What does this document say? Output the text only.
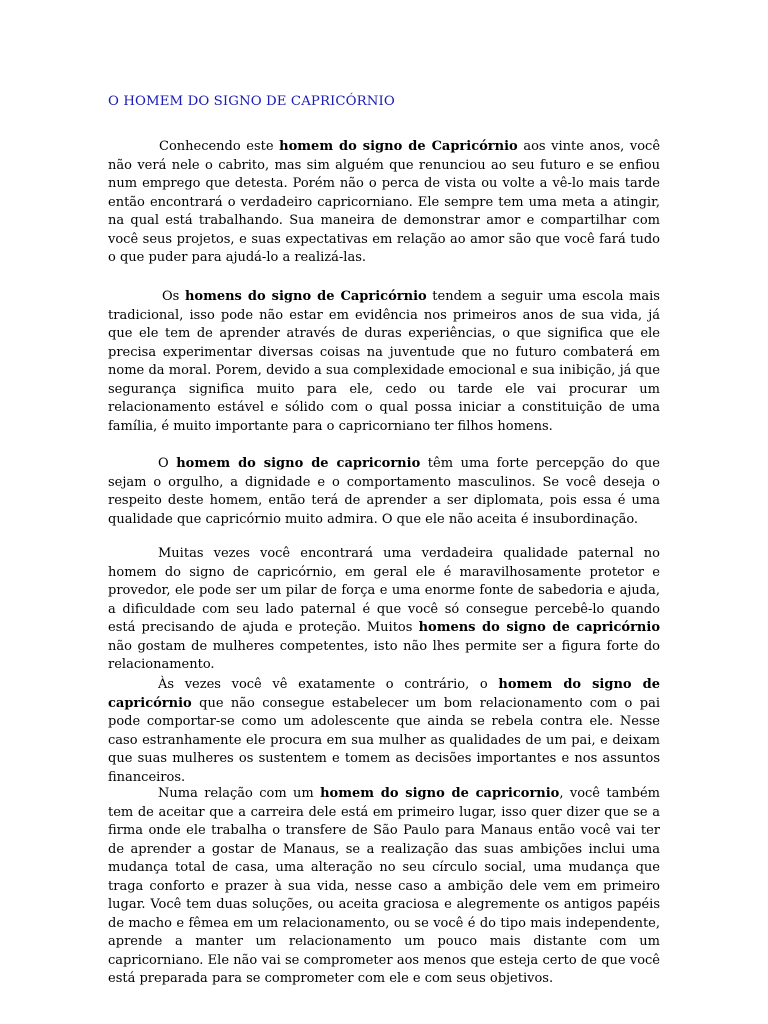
O HOMEM DO SIGNO DE CAPRICÓRNIO

Conhecendo este homem do signo de Capricórnio aos vinte anos, você não verá nele o cabrito, mas sim alguém que renunciou ao seu futuro e se enfiou num emprego que detesta. Porém não o perca de vista ou volte a vê-lo mais tarde então encontrará o verdadeiro capricorniano. Ele sempre tem uma meta a atingir, na qual está trabalhando. Sua maneira de demonstrar amor e compartilhar com você seus projetos, e suas expectativas em relação ao amor são que você fará tudo o que puder para ajudá-lo a realizá-las.

Os homens do signo de Capricórnio tendem a seguir uma escola mais tradicional, isso pode não estar em evidência nos primeiros anos de sua vida, já que ele tem de aprender através de duras experiências, o que significa que ele precisa experimentar diversas coisas na juventude que no futuro combaterá em nome da moral. Porem, devido a sua complexidade emocional e sua inibição, já que segurança significa muito para ele, cedo ou tarde ele vai procurar um relacionamento estável e sólido com o qual possa iniciar a constituição de uma família, é muito importante para o capricorniano ter filhos homens.

O homem do signo de capricornio têm uma forte percepção do que sejam o orgulho, a dignidade e o comportamento masculinos. Se você deseja o respeito deste homem, então terá de aprender a ser diplomata, pois essa é uma qualidade que capricórnio muito admira. O que ele não aceita é insubordinação.

Muitas vezes você encontrará uma verdadeira qualidade paternal no homem do signo de capricórnio, em geral ele é maravilhosamente protetor e provedor, ele pode ser um pilar de força e uma enorme fonte de sabedoria e ajuda, a dificuldade com seu lado paternal é que você só consegue percebê-lo quando está precisando de ajuda e proteção. Muitos homens do signo de capricórnio não gostam de mulheres competentes, isto não lhes permite ser a figura forte do relacionamento.

Às vezes você vê exatamente o contrário, o homem do signo de capricórnio que não consegue estabelecer um bom relacionamento com o pai pode comportar-se como um adolescente que ainda se rebela contra ele. Nesse caso estranhamente ele procura em sua mulher as qualidades de um pai, e deixam que suas mulheres os sustentem e tomem as decisões importantes e nos assuntos financeiros.

Numa relação com um homem do signo de capricornio, você também tem de aceitar que a carreira dele está em primeiro lugar, isso quer dizer que se a firma onde ele trabalha o transfere de São Paulo para Manaus então você vai ter de aprender a gostar de Manaus, se a realização das suas ambições inclui uma mudança total de casa, uma alteração no seu círculo social, uma mudança que traga conforto e prazer à sua vida, nesse caso a ambição dele vem em primeiro lugar. Você tem duas soluções, ou aceita graciosa e alegremente os antigos papéis de macho e fêmea em um relacionamento, ou se você é do tipo mais independente, aprende a manter um relacionamento um pouco mais distante com um capricorniano. Ele não vai se comprometer aos menos que esteja certo de que você está preparada para se comprometer com ele e com seus objetivos.
